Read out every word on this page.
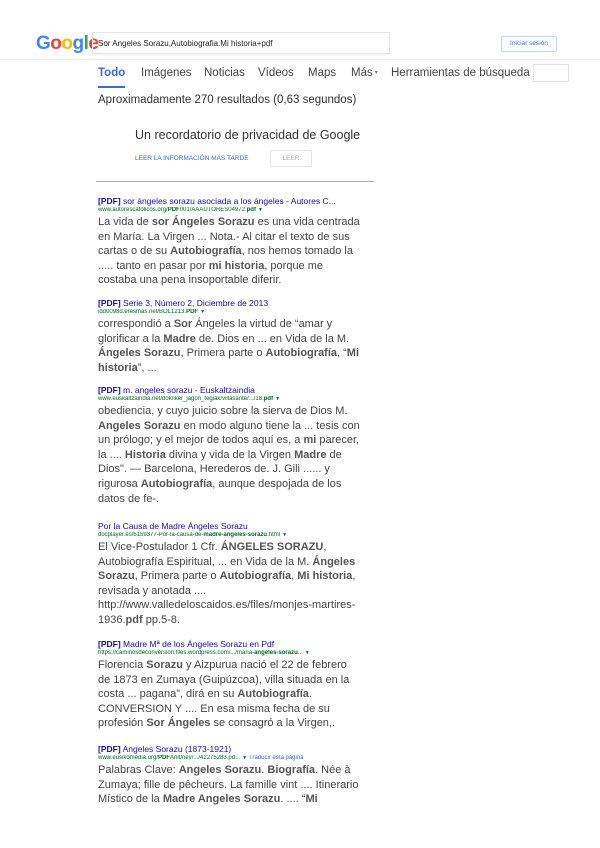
Google
Sor Angeles Sorazu,Autobiografia.Mi historia+pdf	Iniciar sesión
Todo Imágenes Noticias Vídeos Maps Más ▾ Herramientas de búsqueda
Aproximadamente 270 resultados (0,63 segundos)
Un recordatorio de privacidad de Google
LEER LA INFORMACIÓN MÁS TARDE	LEER
[PDF] sor ángeles sorazu asociada a los ángeles - Autores C...
www.autorescatolicos.org/PDF001/AAAUTORES04972.pdf ▼
La vida de sor Ángeles Sorazu es una vida centrada en María. La Virgen ... Nota.- Al citar el texto de sus cartas o de su Autobiografía, nos hemos tomado la ..... tanto en pasar por mi historia, porque me costaba una pena insoportable diferir.
[PDF] Serie 3, Número 2, Diciembre de 2013
idd0098d.eresmas.net/BOL1213.PDF ▼
correspondió a Sor Ángeles la virtud de “amar y glorificar a la Madre de. Dios en ... en Vida de la M. Ángeles Sorazu, Primera parte o Autobiografía, “Mi historia”, ...
[PDF] m. angeles sorazu - Euskaltzaindia
www.euskaltzaindia.net/dok/iker_jagon_tegiak/villasante/.../18.pdf ▼
obediencia, y cuyo juicio sobre la sierva de Dios M. Angeles Sorazu en modo alguno tiene la ... tesis con un prólogo; y el mejor de todos aquí es, a mi parecer, la .... Historia divina y vida de la Virgen Madre de Dios". — Barcelona, Herederos de. J. Gili ...... y rigurosa Autobiografía, aunque despojada de los datos de fe-.
Por la Causa de Madre Ángeles Sorazu
docplayer.es/6159377-Por-la-causa-de-madre-angeles-sorazu.html ▼
El Vice-Postulador 1 Cfr. ÁNGELES SORAZU, Autobiografía Espiritual, ... en Vida de la M. Ángeles Sorazu, Primera parte o Autobiografía, Mi historia, revisada y anotada .... http://www.valledeloscaidos.es/files/monjes-martires-1936.pdf pp.5-8.
[PDF] Madre Mª de los Ángeles Sorazu en Pdf
https://caminosdeconversion.files.wordpress.com/.../maria-angeles-sorazu... ▼
Florencia Sorazu y Aizpurua nació el 22 de febrero de 1873 en Zumaya (Guipúzcoa), villa situada en la costa ... pagana”, dirá en su Autobiografía. CONVERSION Y .... En esa misma fecha de su profesión Sor Ángeles se consagró a la Virgen,.
[PDF] Angeles Sorazu (1873-1921)
www.eusikomedia.org/PDFAnit/riev/.../42275283.pd... ▼ Traducir esta página
Palabras Clave: Angeles Sorazu. Biografía. Née à Zumaya; fille de pêcheurs. La famille vint .... Itinerario Místico de la Madre Angeles Sorazu. .... “Mi
